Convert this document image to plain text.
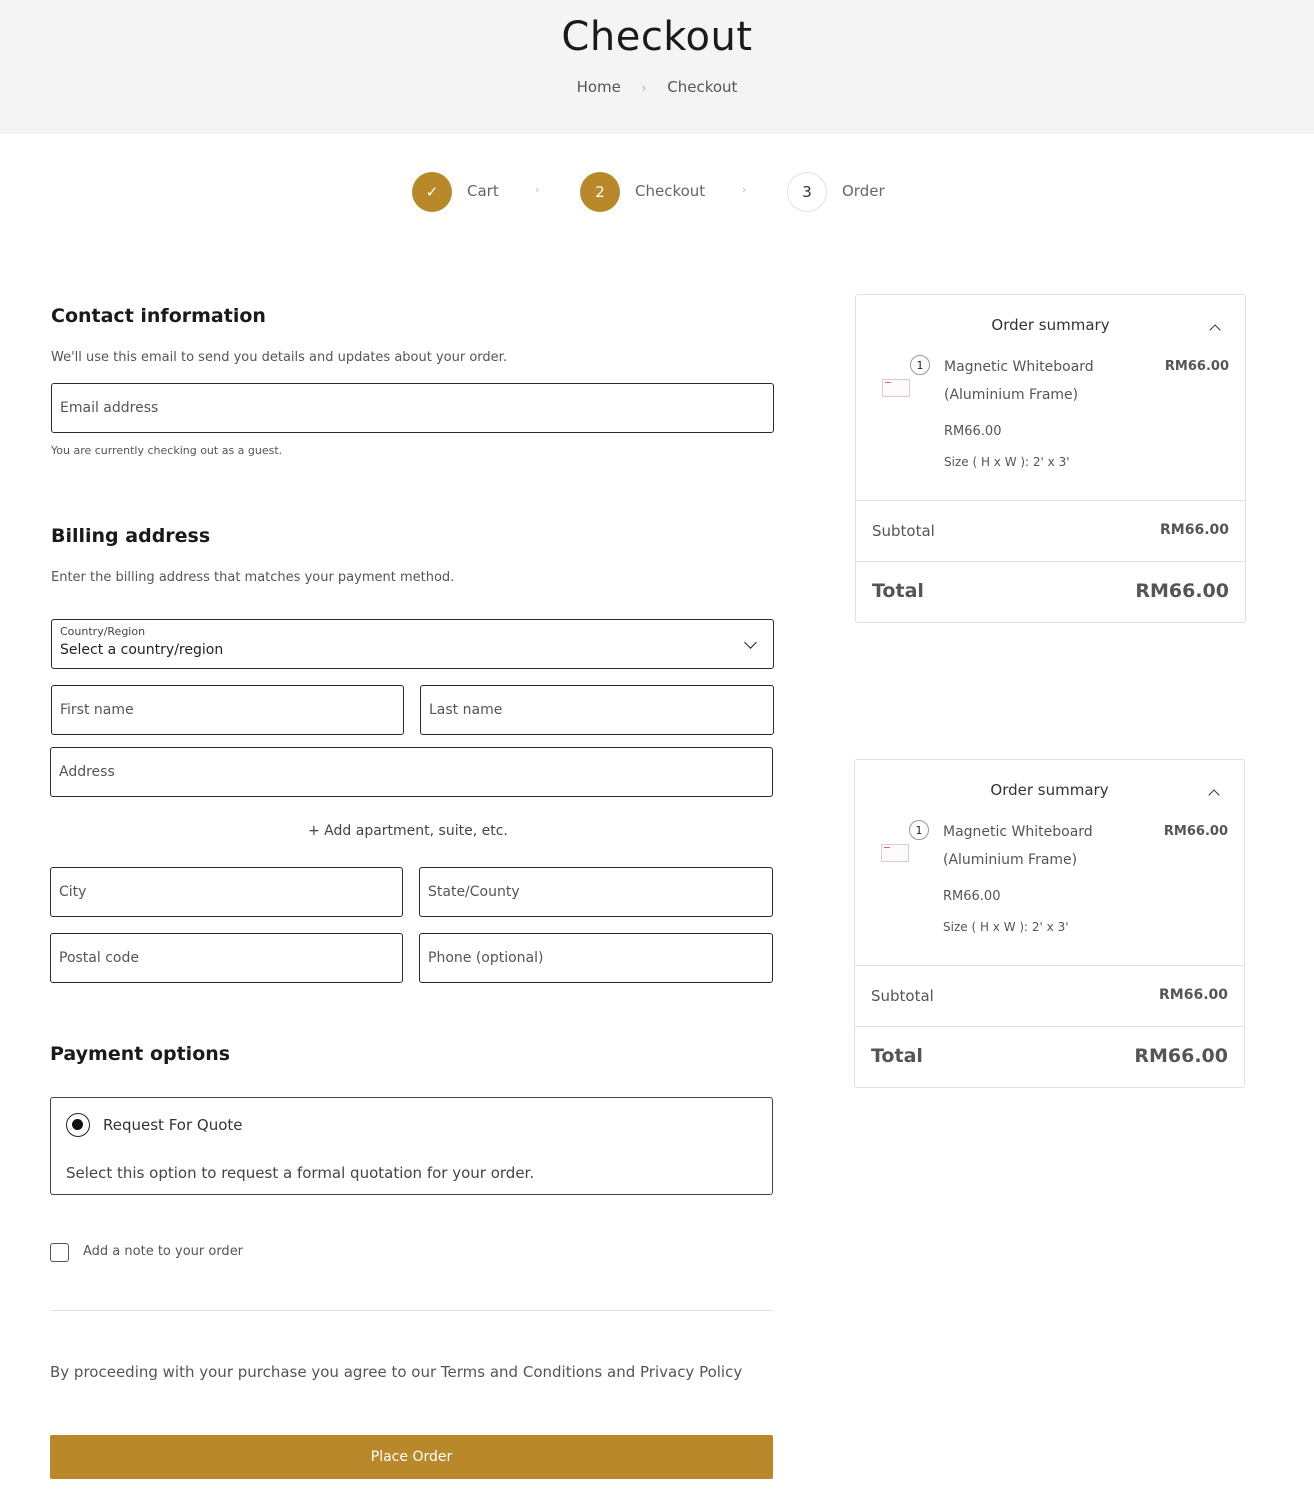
Checkout
Home › Checkout
✓	Cart	›	2	Checkout	›	3	Order
Contact information

We'll use this email to send you details and updates about your order.

Email address

You are currently checking out as a guest.

Billing address

Enter the billing address that matches your payment method.

Country/Region
Select a country/region
First name
Last name
Address
+ Add apartment, suite, etc.
City
State/County
Postal code
Phone (optional)
Payment options
Request For Quote
Select this option to request a formal quotation for your order.
Add a note to your order

By proceeding with your purchase you agree to our Terms and Conditions and Privacy Policy

Place Order
Order summary
1	Magnetic Whiteboard
(Aluminium Frame)
RM66.00
RM66.00
Size ( H x W ): 2' x 3'
Subtotal	RM66.00
Total	RM66.00
Order summary
1	Magnetic Whiteboard
(Aluminium Frame)
RM66.00
RM66.00
Size ( H x W ): 2' x 3'
Subtotal	RM66.00
Total	RM66.00
